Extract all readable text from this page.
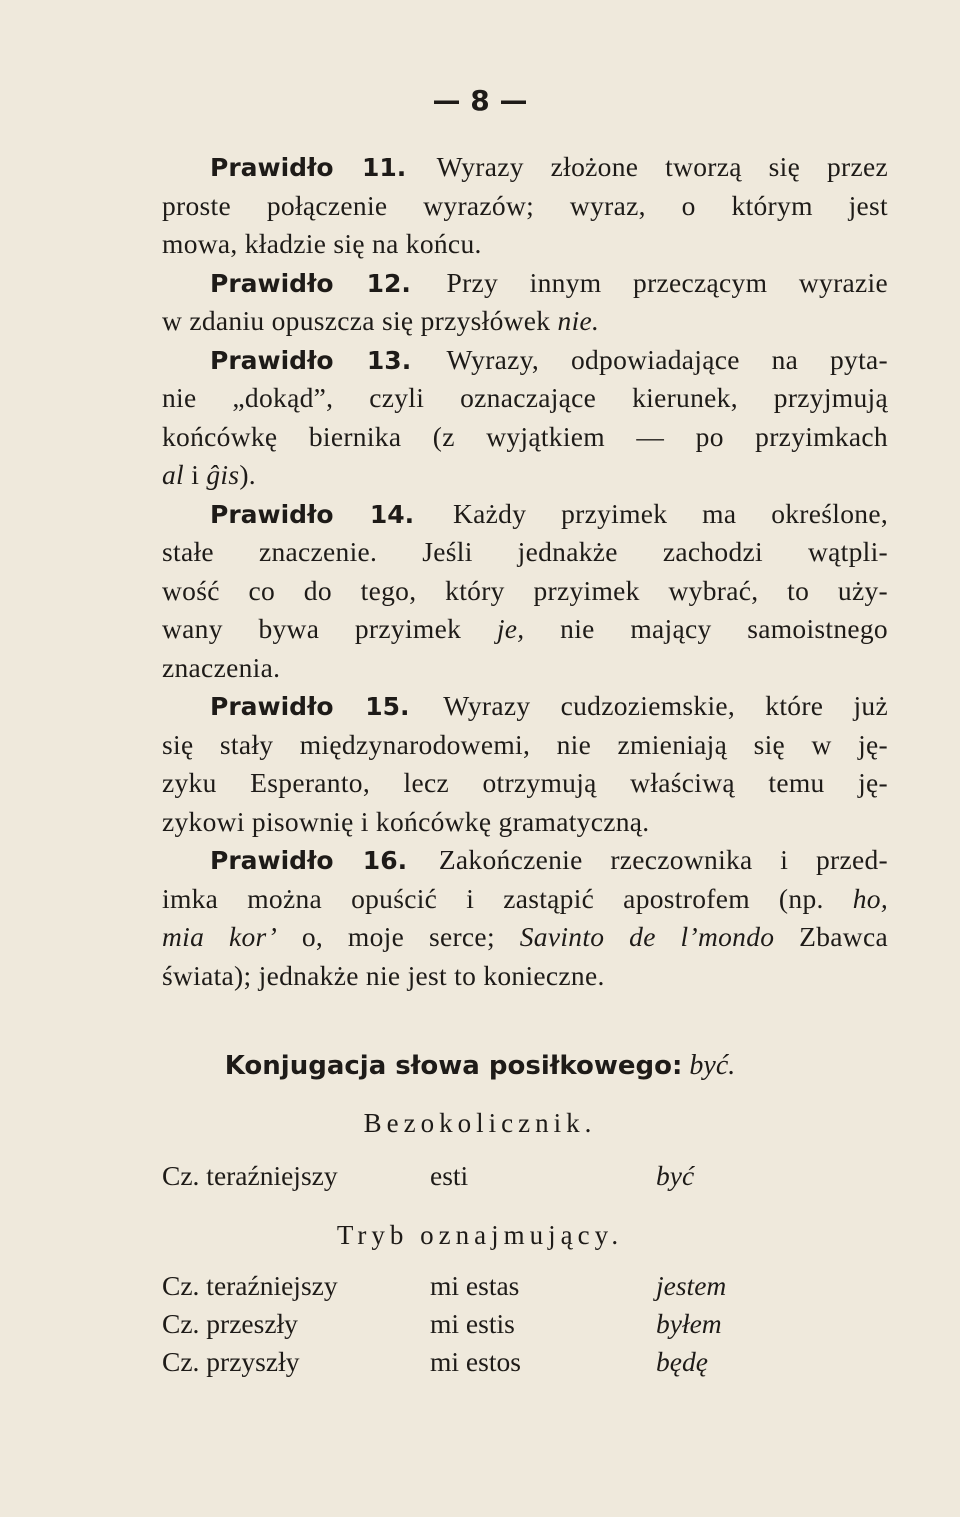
— 8 —
Prawidło 11. Wyrazy złożone tworzą się przez
proste połączenie wyrazów; wyraz, o którym jest
mowa, kładzie się na końcu.
Prawidło 12. Przy innym przeczącym wyrazie
w zdaniu opuszcza się przysłówek nie.
Prawidło 13. Wyrazy, odpowiadające na pyta-
nie „dokąd”, czyli oznaczające kierunek, przyjmują
końcówkę biernika (z wyjątkiem — po przyimkach
al i ĝis).
Prawidło 14. Każdy przyimek ma określone,
stałe znaczenie. Jeśli jednakże zachodzi wątpli-
wość co do tego, który przyimek wybrać, to uży-
wany bywa przyimek je, nie mający samoistnego
znaczenia.
Prawidło 15. Wyrazy cudzoziemskie, które już
się stały międzynarodowemi, nie zmieniają się w ję-
zyku Esperanto, lecz otrzymują właściwą temu ję-
zykowi pisownię i końcówkę gramatyczną.
Prawidło 16. Zakończenie rzeczownika i przed-
imka można opuścić i zastąpić apostrofem (np. ho,
mia kor’ o, moje serce; Savinto de l’mondo Zbawca
świata); jednakże nie jest to konieczne.
Konjugacja słowa posiłkowego: być.
Bezokolicznik.
Cz. teraźniejszy	esti	być
Tryb oznajmujący.
Cz. teraźniejszy	mi estas	jestem
Cz. przeszły	mi estis	byłem
Cz. przyszły	mi estos	będę
